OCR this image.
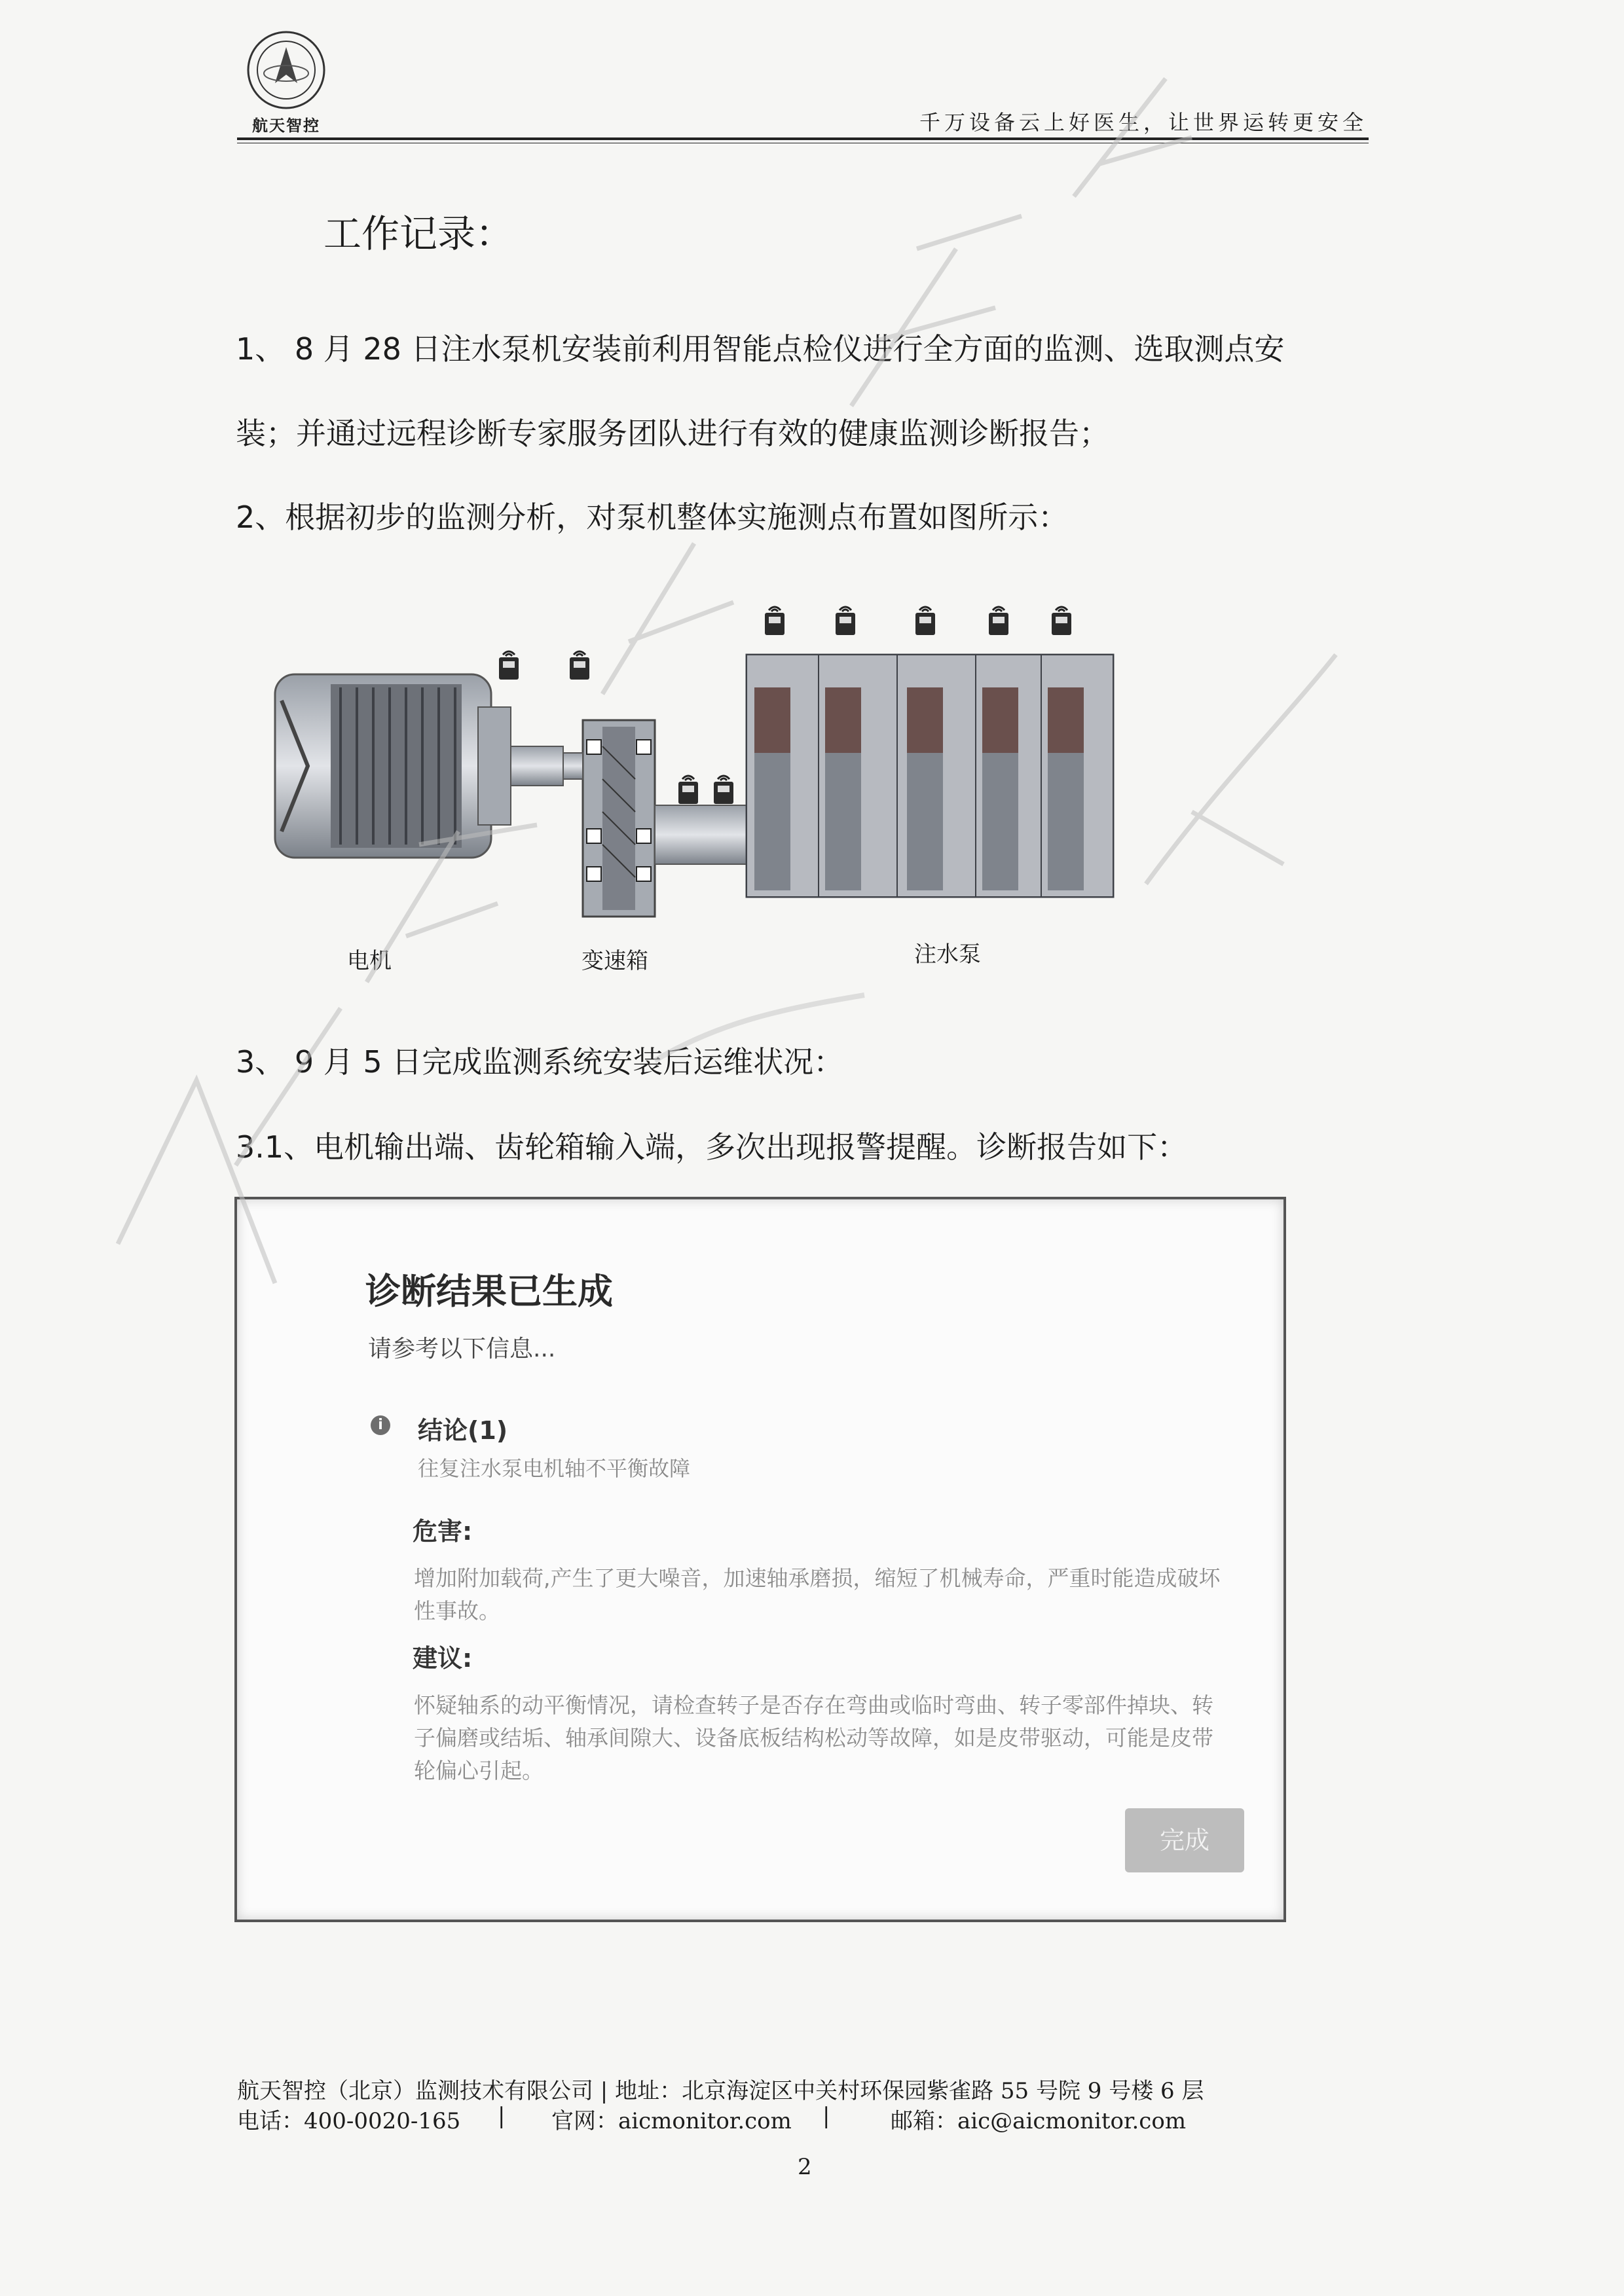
航天智控	千万设备云上好医生，让世界运转更安全
工作记录：
1、 8 月 28 日注水泵机安装前利用智能点检仪进行全方面的监测、选取测点安
装；并通过远程诊断专家服务团队进行有效的健康监测诊断报告；
2、根据初步的监测分析，对泵机整体实施测点布置如图所示：
电机	变速箱	注水泵
3、 9 月 5 日完成监测系统安装后运维状况：
3.1、电机输出端、齿轮箱输入端，多次出现报警提醒。诊断报告如下：
诊断结果已生成
请参考以下信息...
i 结论(1)
往复注水泵电机轴不平衡故障
危害:
增加附加载荷,产生了更大噪音，加速轴承磨损，缩短了机械寿命，严重时能造成破坏性事故。
建议:
怀疑轴系的动平衡情况，请检查转子是否存在弯曲或临时弯曲、转子零部件掉块、转子偏磨或结垢、轴承间隙大、设备底板结构松动等故障，如是皮带驱动，可能是皮带轮偏心引起。
完成
航天智控（北京）监测技术有限公司 | 地址：北京海淀区中关村环保园紫雀路 55 号院 9 号楼 6 层
电话：400-0020-165 | 官网：aicmonitor.com |	邮箱：aic@aicmonitor.com
2
